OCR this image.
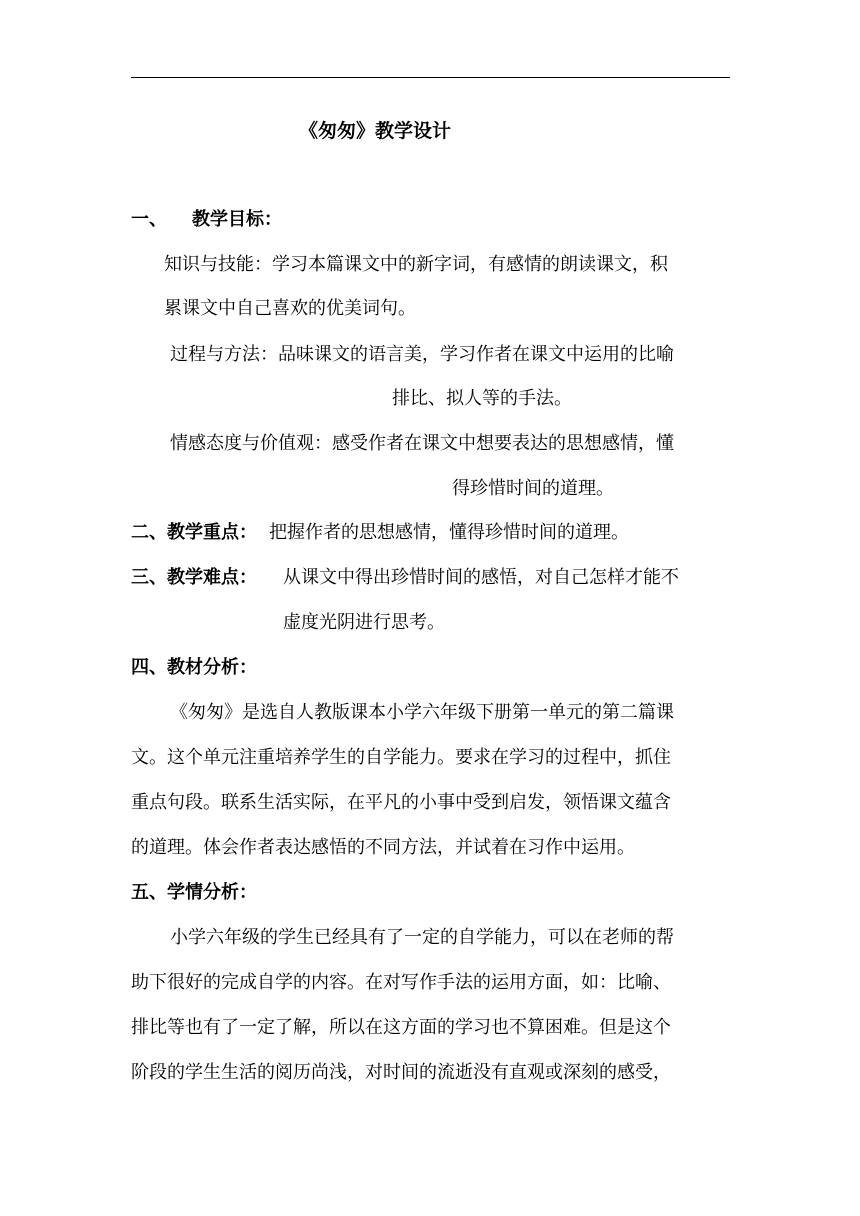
《匆匆》教学设计
一、 教学目标：
知识与技能：学习本篇课文中的新字词，有感情的朗读课文，积
累课文中自己喜欢的优美词句。
过程与方法：品味课文的语言美，学习作者在课文中运用的比喻
排比、拟人等的手法。
情感态度与价值观：感受作者在课文中想要表达的思想感情，懂
得珍惜时间的道理。
二、教学重点： 把握作者的思想感情，懂得珍惜时间的道理。
三、教学难点： 从课文中得出珍惜时间的感悟，对自己怎样才能不
虚度光阴进行思考。
四、教材分析：
《匆匆》是选自人教版课本小学六年级下册第一单元的第二篇课
文。这个单元注重培养学生的自学能力。要求在学习的过程中，抓住
重点句段。联系生活实际，在平凡的小事中受到启发，领悟课文蕴含
的道理。体会作者表达感悟的不同方法，并试着在习作中运用。
五、学情分析：
小学六年级的学生已经具有了一定的自学能力，可以在老师的帮
助下很好的完成自学的内容。在对写作手法的运用方面，如：比喻、
排比等也有了一定了解，所以在这方面的学习也不算困难。但是这个
阶段的学生生活的阅历尚浅，对时间的流逝没有直观或深刻的感受，
